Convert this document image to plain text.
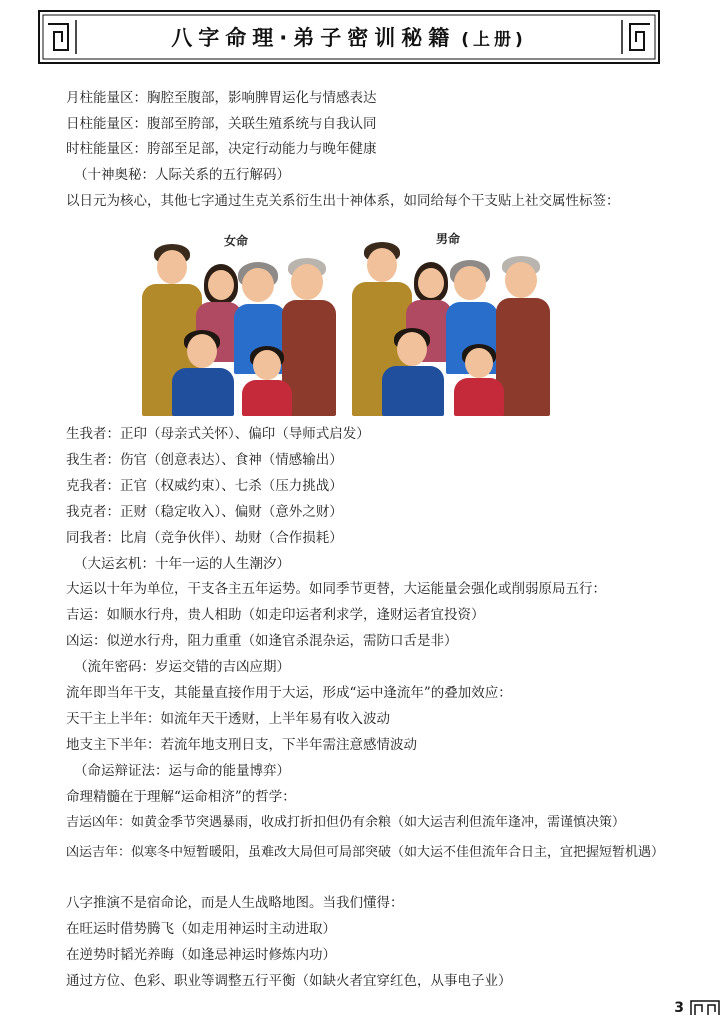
八字命理·弟子密训秘籍 (上册)
月柱能量区：胸腔至腹部，影响脾胃运化与情感表达
日柱能量区：腹部至胯部，关联生殖系统与自我认同
时柱能量区：胯部至足部，决定行动能力与晚年健康
（十神奥秘：人际关系的五行解码）
以日元为核心，其他七字通过生克关系衍生出十神体系，如同给每个干支贴上社交属性标签：
女命	男命
生我者：正印（母亲式关怀）、偏印（导师式启发）
我生者：伤官（创意表达）、食神（情感输出）
克我者：正官（权威约束）、七杀（压力挑战）
我克者：正财（稳定收入）、偏财（意外之财）
同我者：比肩（竞争伙伴）、劫财（合作损耗）
（大运玄机：十年一运的人生潮汐）
大运以十年为单位，干支各主五年运势。如同季节更替，大运能量会强化或削弱原局五行：
吉运：如顺水行舟，贵人相助（如走印运者利求学，逢财运者宜投资）
凶运：似逆水行舟，阻力重重（如逢官杀混杂运，需防口舌是非）
（流年密码：岁运交错的吉凶应期）
流年即当年干支，其能量直接作用于大运，形成“运中逢流年”的叠加效应：
天干主上半年：如流年天干透财，上半年易有收入波动
地支主下半年：若流年地支刑日支，下半年需注意感情波动
（命运辩证法：运与命的能量博弈）
命理精髓在于理解“运命相济”的哲学：
吉运凶年：如黄金季节突遇暴雨，收成打折扣但仍有余粮（如大运吉利但流年逢冲，需谨慎决策）
凶运吉年：似寒冬中短暂暖阳，虽难改大局但可局部突破（如大运不佳但流年合日主，宜把握短暂机遇）
八字推演不是宿命论，而是人生战略地图。当我们懂得：
在旺运时借势腾飞（如走用神运时主动进取）
在逆势时韬光养晦（如逢忌神运时修炼内功）
通过方位、色彩、职业等调整五行平衡（如缺火者宜穿红色，从事电子业）
3
